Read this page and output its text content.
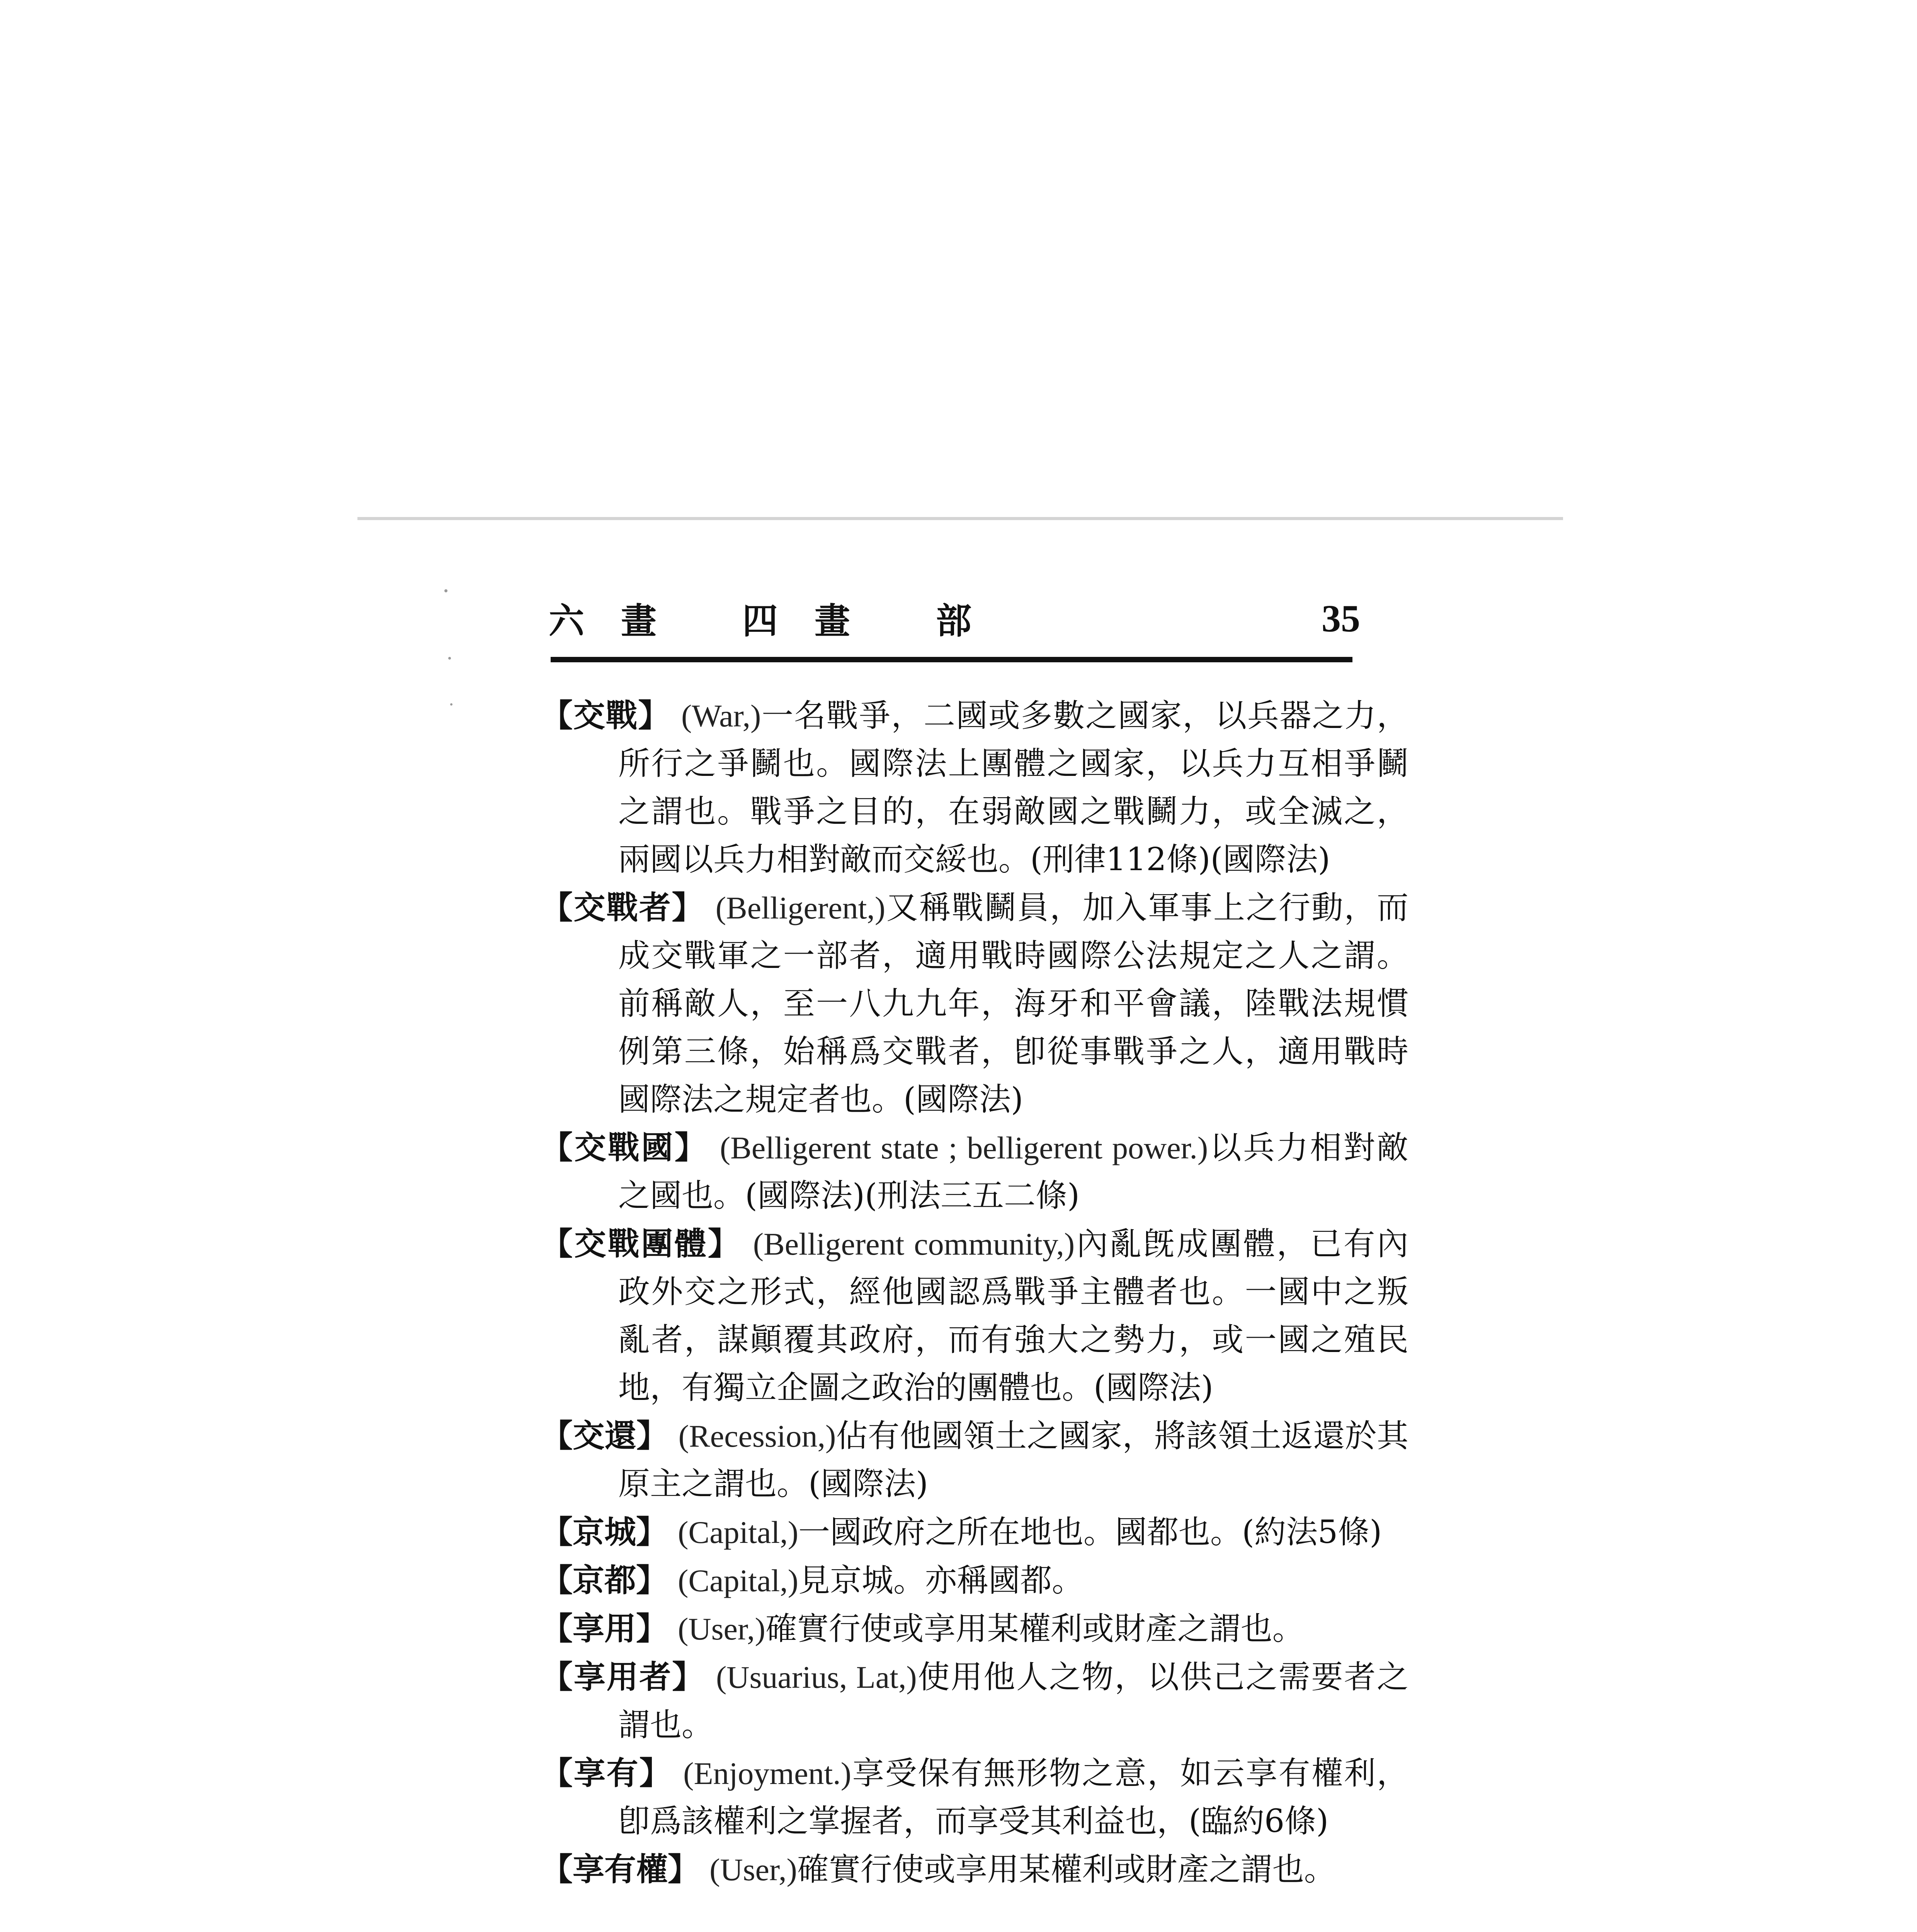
六畫 四畫 部	35
【交戰】 (War,)一名戰爭，二國或多數之國家，以兵器之力，所行之爭鬭也。國際法上團體之國家，以兵力互相爭鬭之謂也。戰爭之目的，在弱敵國之戰鬭力，或全滅之，兩國以兵力相對敵而交綏也。(刑律112條)(國際法)
【交戰者】 (Belligerent,)又稱戰鬭員，加入軍事上之行動，而成交戰軍之一部者，適用戰時國際公法規定之人之謂。前稱敵人，至一八九九年，海牙和平會議，陸戰法規慣例第三條，始稱爲交戰者，卽從事戰爭之人，適用戰時國際法之規定者也。(國際法)
【交戰國】 (Belligerent state ; belligerent power.)以兵力相對敵之國也。(國際法)(刑法三五二條)
【交戰團體】 (Belligerent community,)內亂旣成團體，已有內政外交之形式，經他國認爲戰爭主體者也。一國中之叛亂者，謀顚覆其政府，而有強大之勢力，或一國之殖民地，有獨立企圖之政治的團體也。(國際法)
【交還】 (Recession,)佔有他國領土之國家，將該領土返還於其原主之謂也。(國際法)
【京城】 (Capital,)一國政府之所在地也。國都也。(約法5條)
【京都】 (Capital,)見京城。亦稱國都。
【享用】 (User,)確實行使或享用某權利或財產之謂也。
【享用者】 (Usuarius, Lat,)使用他人之物，以供己之需要者之謂也。
【享有】 (Enjoyment.)享受保有無形物之意，如云享有權利，卽爲該權利之掌握者，而享受其利益也，(臨約6條)
【享有權】 (User,)確實行使或享用某權利或財產之謂也。
